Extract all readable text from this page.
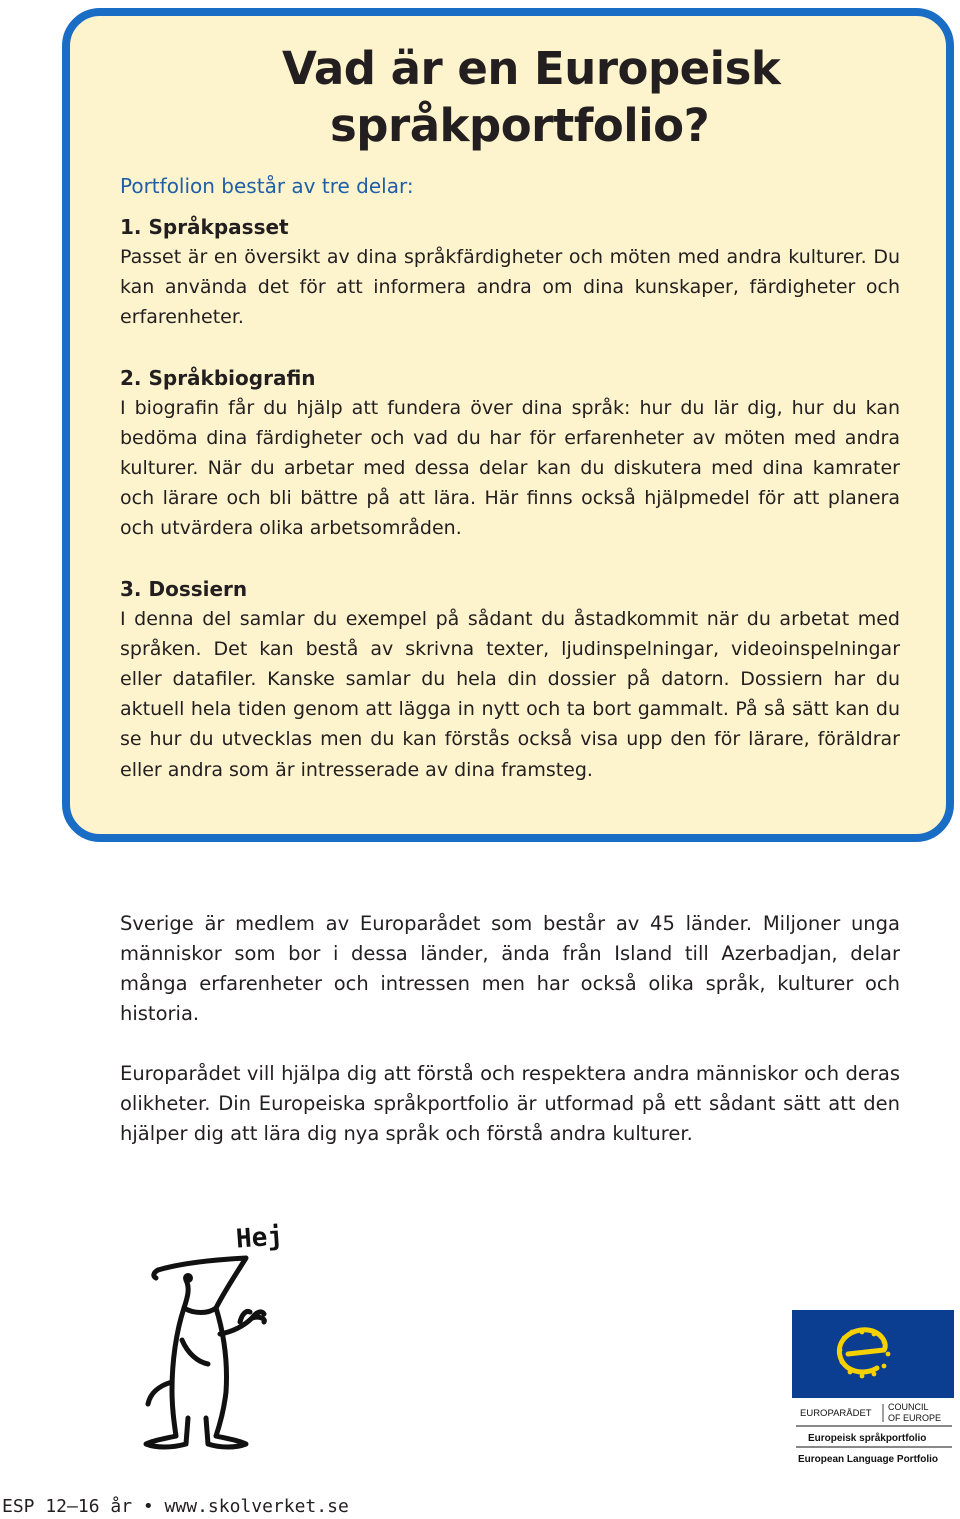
Vad är en Europeisk
språkportfolio?

Portfolion består av tre delar:

1. Språkpasset

Passet är en översikt av dina språkfärdigheter och möten med andra kulturer. Du kan använda det för att informera andra om dina kunskaper, färdigheter och erfarenheter.

2. Språkbiografin

I biografin får du hjälp att fundera över dina språk: hur du lär dig, hur du kan bedöma dina färdigheter och vad du har för erfarenheter av möten med andra kulturer. När du arbetar med dessa delar kan du diskutera med dina kamrater och lärare och bli bättre på att lära. Här finns också hjälpmedel för att planera och utvärdera olika arbetsområden.

3. Dossiern

I denna del samlar du exempel på sådant du åstadkommit när du arbetat med språken. Det kan bestå av skrivna texter, ljudinspelningar, videoinspelningar eller datafiler. Kanske samlar du hela din dossier på datorn. Dossiern har du aktuell hela tiden genom att lägga in nytt och ta bort gammalt. På så sätt kan du se hur du utvecklas men du kan förstås också visa upp den för lärare, föräldrar eller andra som är intresserade av dina framsteg.

Sverige är medlem av Europarådet som består av 45 länder. Miljoner unga människor som bor i dessa länder, ända från Island till Azerbadjan, delar många erfarenheter och intressen men har också olika språk, kulturer och historia.

Europarådet vill hjälpa dig att förstå och respektera andra människor och deras olikheter. Din Europeiska språkportfolio är utformad på ett sådant sätt att den hjälper dig att lära dig nya språk och förstå andra kulturer.

Hej
EUROPARÅDET
COUNCIL
OF EUROPE
Europeisk språkportfolio
European Language Portfolio

ESP 12–16 år • www.skolverket.se
